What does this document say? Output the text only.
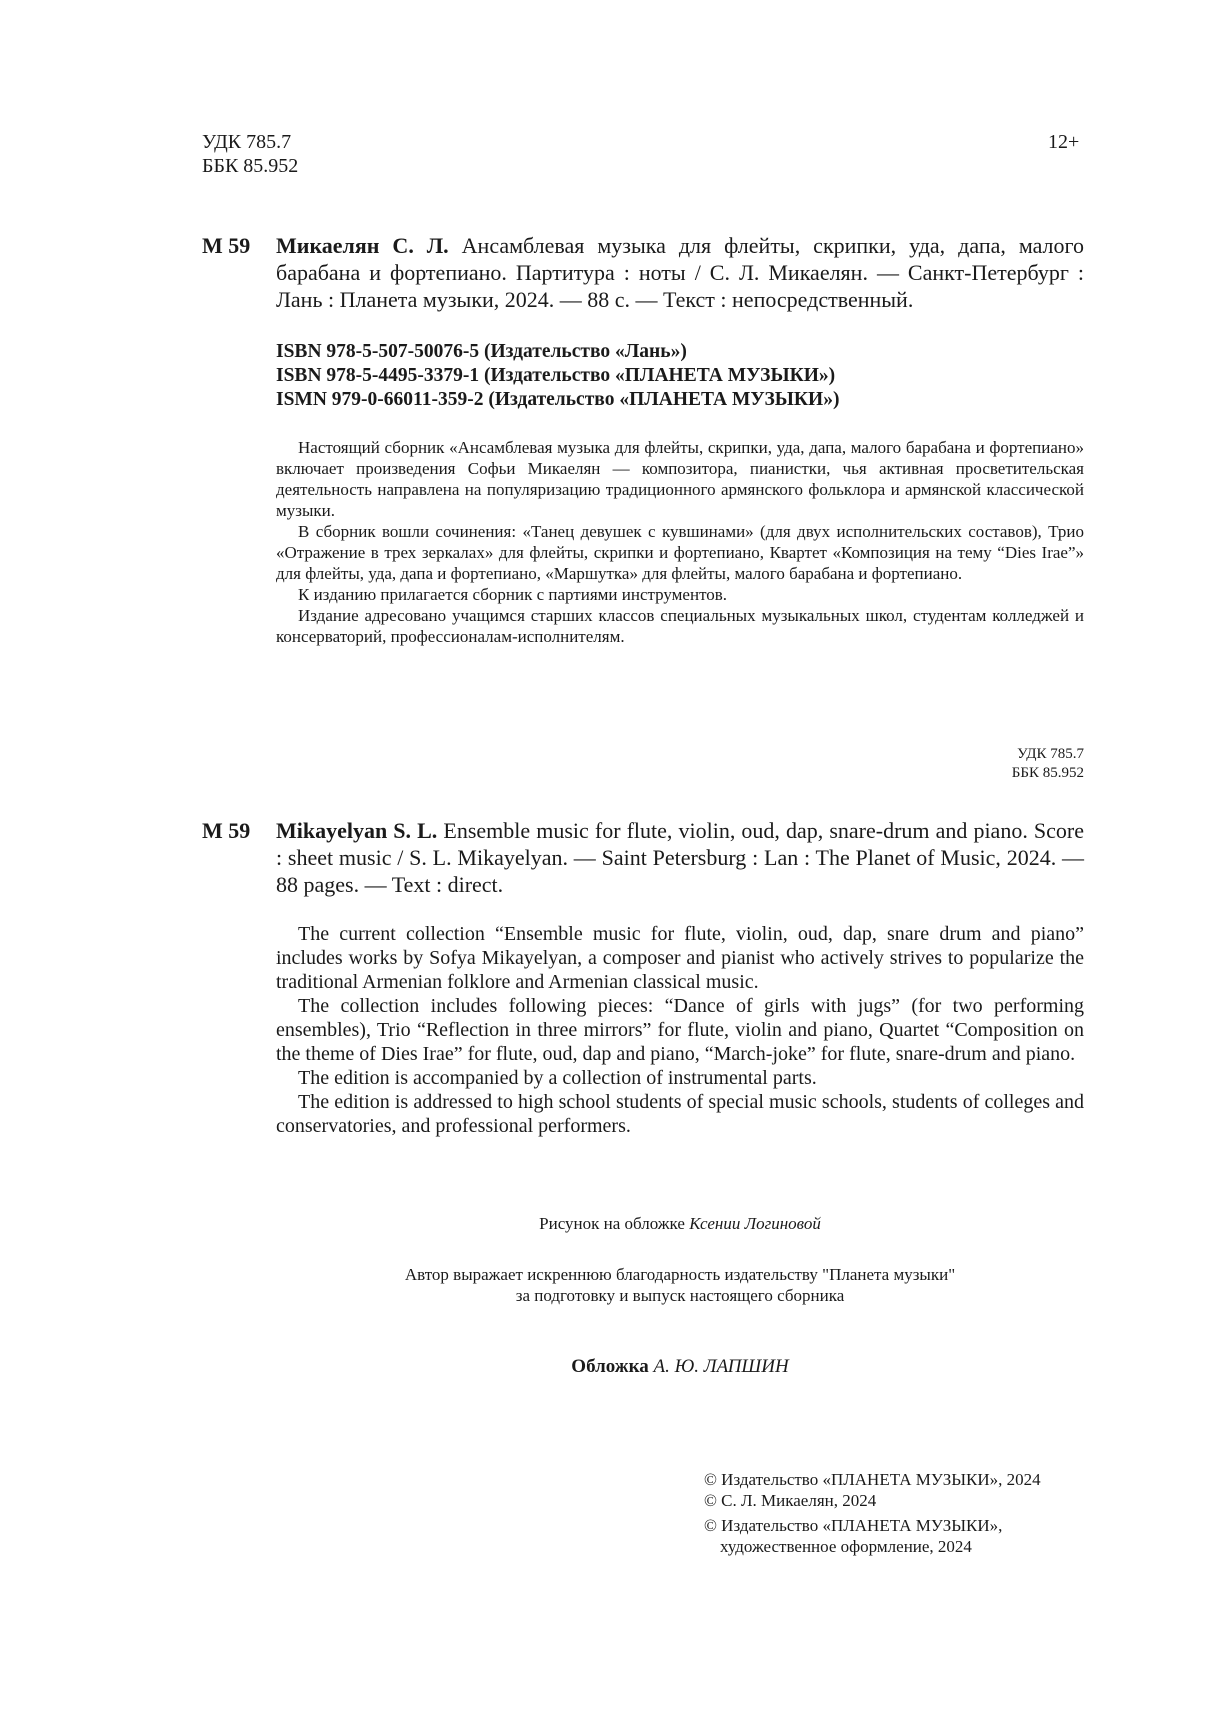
УДК 785.7
ББК 85.952
12+
М 59 Микаелян С. Л. Ансамблевая музыка для флейты, скрипки, уда, дапа, малого барабана и фортепиано. Партитура : ноты / С. Л. Микаелян. — Санкт-Петербург : Лань : Планета музыки, 2024. — 88 с. — Текст : непосредственный.
ISBN 978-5-507-50076-5 (Издательство «Лань»)
ISBN 978-5-4495-3379-1 (Издательство «ПЛАНЕТА МУЗЫКИ»)
ISMN 979-0-66011-359-2 (Издательство «ПЛАНЕТА МУЗЫКИ»)

Настоящий сборник «Ансамблевая музыка для флейты, скрипки, уда, дапа, малого барабана и фортепиано» включает произведения Софьи Микаелян — композитора, пианистки, чья активная просветительская деятельность направлена на популяризацию традиционного армянского фольклора и армянской классической музыки.

В сборник вошли сочинения: «Танец девушек с кувшинами» (для двух исполнительских составов), Трио «Отражение в трех зеркалах» для флейты, скрипки и фортепиано, Квартет «Композиция на тему “Dies Irae”» для флейты, уда, дапа и фортепиано, «Маршутка» для флейты, малого барабана и фортепиано.

К изданию прилагается сборник с партиями инструментов.

Издание адресовано учащимся старших классов специальных музыкальных школ, студентам колледжей и консерваторий, профессионалам-исполнителям.

УДК 785.7
ББК 85.952
М 59 Mikayelyan S. L. Ensemble music for flute, violin, oud, dap, snare-drum and piano. Score : sheet music / S. L. Mikayelyan. — Saint Petersburg : Lan : The Planet of Music, 2024. — 88 pages. — Text : direct.

The current collection “Ensemble music for flute, violin, oud, dap, snare drum and piano” includes works by Sofya Mikayelyan, a composer and pianist who actively strives to popularize the traditional Armenian folklore and Armenian classical music.

The collection includes following pieces: “Dance of girls with jugs” (for two performing ensembles), Trio “Reflection in three mirrors” for flute, violin and piano, Quartet “Composition on the theme of Dies Irae” for flute, oud, dap and piano, “March-joke” for flute, snare-drum and piano.

The edition is accompanied by a collection of instrumental parts.

The edition is addressed to high school students of special music schools, students of colleges and conservatories, and professional performers.

Рисунок на обложке Ксении Логиновой
Автор выражает искреннюю благодарность издательству "Планета музыки"
за подготовку и выпуск настоящего сборника
Обложка А. Ю. ЛАПШИН
© Издательство «ПЛАНЕТА МУЗЫКИ», 2024
© С. Л. Микаелян, 2024
© Издательство «ПЛАНЕТА МУЗЫКИ»,
художественное оформление, 2024
